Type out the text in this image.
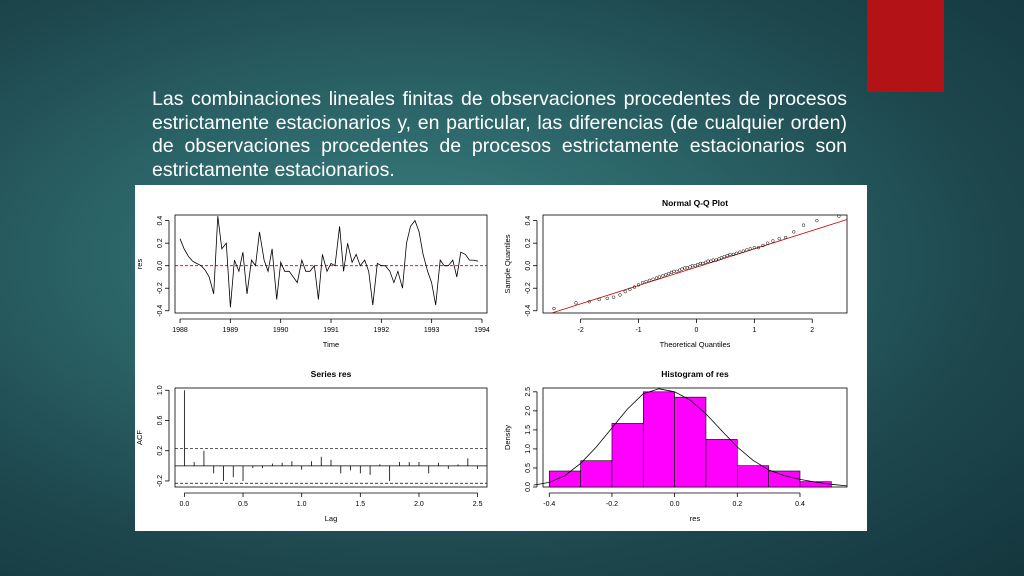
Las combinaciones lineales finitas de observaciones procedentes de procesos estrictamente estacionarios y, en particular, las diferencias (de cualquier orden) de observaciones procedentes de procesos estrictamente estacionarios son estrictamente estacionarios.
1988	1989	1990	1991	1992	1993	1994
-0.4
-0.2
0.0
0.2
0.4
Time
res
-2	-1	0	1	2
-0.4
-0.2
0.0
0.2
0.4
Theoretical Quantiles
Sample Quantiles
Normal Q-Q Plot
0.0	0.5	1.0	1.5	2.0	2.5
-0.2
0.2
0.6
1.0
Lag
ACF
Series res
-0.4	-0.2	0.0	0.2	0.4
0.0
0.5
1.0
1.5
2.0
2.5
res
Density
Histogram of res
